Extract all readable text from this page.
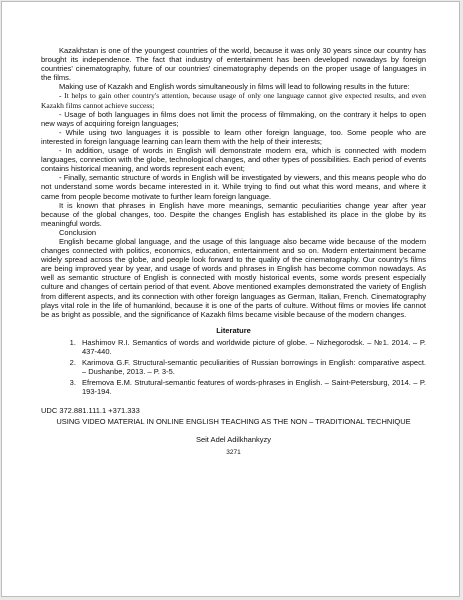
Kazakhstan is one of the youngest countries of the world, because it was only 30 years since our country has brought its independence. The fact that industry of entertainment has been developed nowadays by foreign countries' cinematography, future of our countries' cinematography depends on the proper usage of languages in the films.

Making use of Kazakh and English words simultaneously in films will lead to following results in the future:

- It helps to gain other country's attention, because usage of only one language cannot give expected results, and even Kazakh films cannot achieve success;

- Usage of both languages in films does not limit the process of filmmaking, on the contrary it helps to open new ways of acquiring foreign languages;

- While using two languages it is possible to learn other foreign language, too. Some people who are interested in foreign language learning can learn them with the help of their interests;

- In addition, usage of words in English will demonstrate modern era, which is connected with modern languages, connection with the globe, technological changes, and other types of possibilities. Each period of events contains historical meaning, and words represent each event;

- Finally, semantic structure of words in English will be investigated by viewers, and this means people who do not understand some words became interested in it. While trying to find out what this word means, and where it came from people become motivate to further learn foreign language.

It is known that phrases in English have more meanings, semantic peculiarities change year after year because of the global changes, too. Despite the changes English has established its place in the globe by its meaningful words.

Conclusion

English became global language, and the usage of this language also became wide because of the modern changes connected with politics, economics, education, entertainment and so on. Modern entertainment became widely spread across the globe, and people look forward to the quality of the cinematography. Our country's films are being improved year by year, and usage of words and phrases in English has become common nowadays. As well as semantic structure of English is connected with mostly historical events, some words present especially culture and changes of certain period of that event. Above mentioned examples demonstrated the variety of English from different aspects, and its connection with other foreign languages as German, Italian, French. Cinematography plays vital role in the life of humankind, because it is one of the parts of culture. Without films or movies life cannot be as bright as possible, and the significance of Kazakh films became visible because of the modern changes.

Literature
1. Hashimov R.I. Semantics of words and worldwide picture of globe. – Nizhegorodsk. – №1. 2014. – P. 437-440.
2. Karimova G.F. Structural-semantic peculiarities of Russian borrowings in English: comparative aspect. – Dushanbe, 2013. – P. 3-5.
3. Efremova E.M. Strutural-semantic features of words-phrases in English. – Saint-Petersburg, 2014. – P. 193-194.
UDC 372.881.111.1 +371.333
USING VIDEO MATERIAL IN ONLINE ENGLISH TEACHING AS THE NON – TRADITIONAL TECHNIQUE
Seit Adel Adilkhankyzy
3271
